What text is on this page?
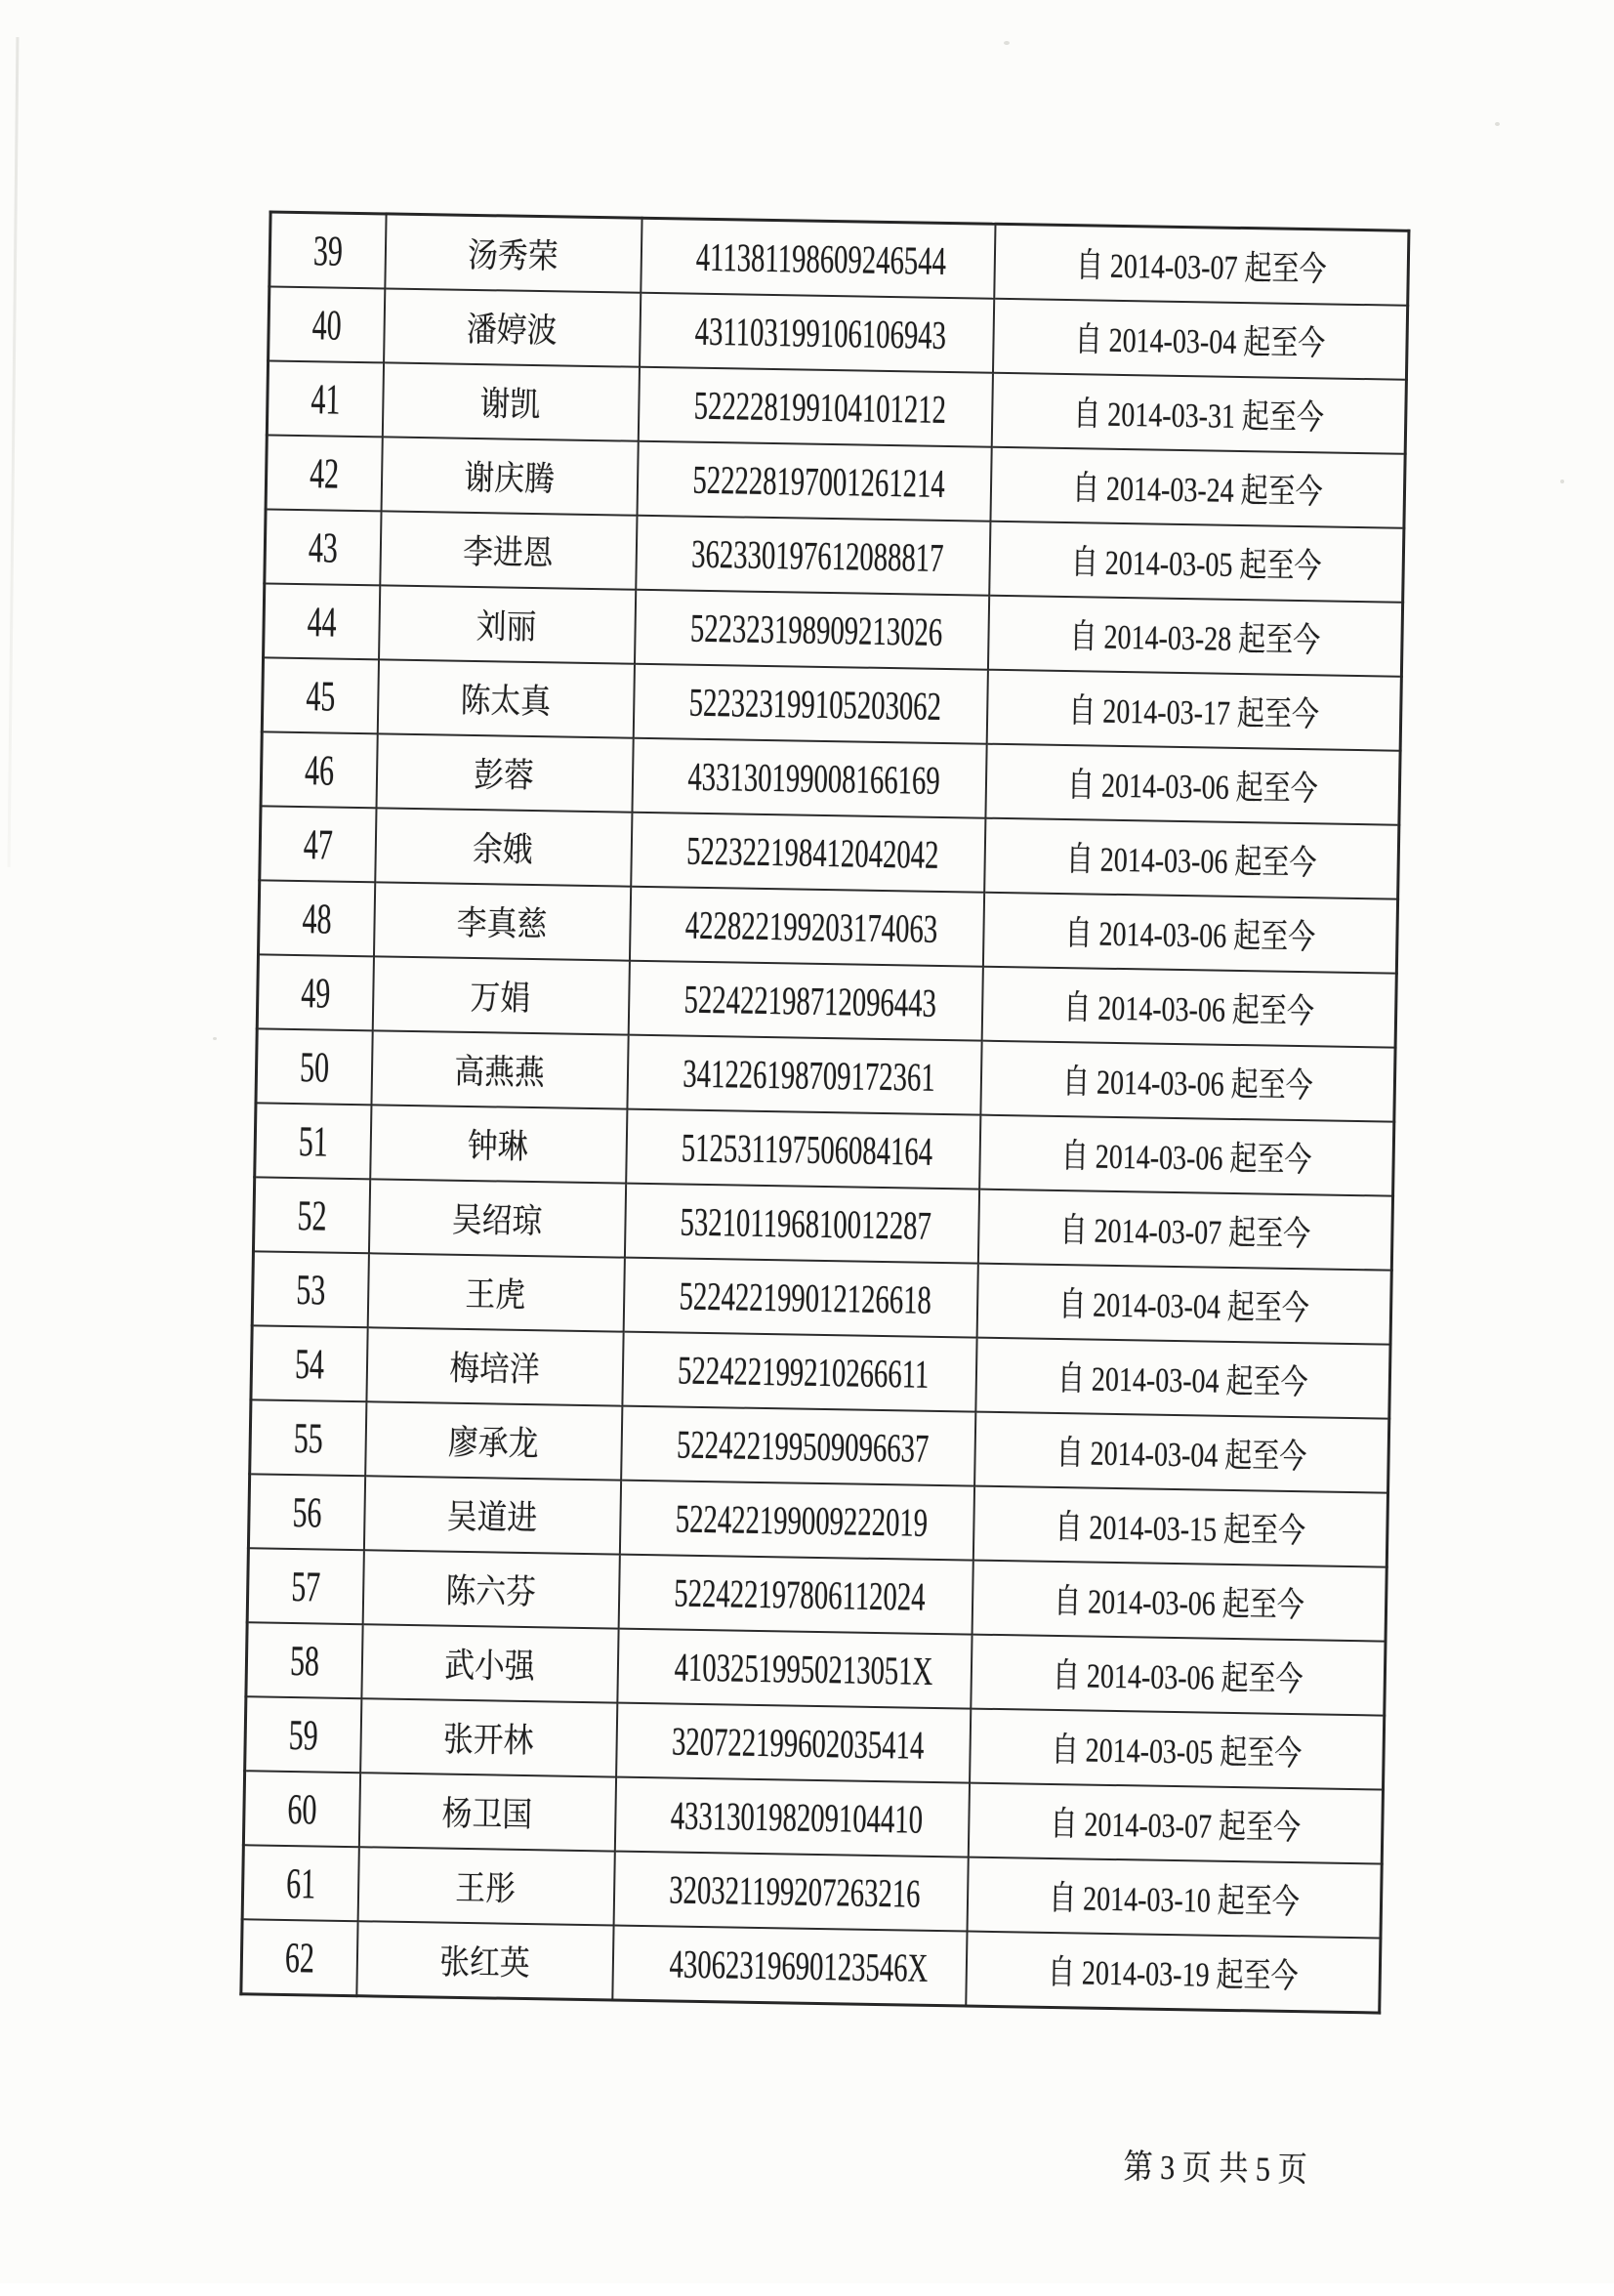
39	汤秀荣	411381198609246544	自 2014-03-07 起至今
40	潘婷波	431103199106106943	自 2014-03-04 起至今
41	谢凯	522228199104101212	自 2014-03-31 起至今
42	谢庆腾	522228197001261214	自 2014-03-24 起至今
43	李进恩	362330197612088817	自 2014-03-05 起至今
44	刘丽	522323198909213026	自 2014-03-28 起至今
45	陈太真	522323199105203062	自 2014-03-17 起至今
46	彭蓉	433130199008166169	自 2014-03-06 起至今
47	余娥	522322198412042042	自 2014-03-06 起至今
48	李真慈	422822199203174063	自 2014-03-06 起至今
49	万娟	522422198712096443	自 2014-03-06 起至今
50	高燕燕	341226198709172361	自 2014-03-06 起至今
51	钟琳	512531197506084164	自 2014-03-06 起至今
52	吴绍琼	532101196810012287	自 2014-03-07 起至今
53	王虎	522422199012126618	自 2014-03-04 起至今
54	梅培洋	522422199210266611	自 2014-03-04 起至今
55	廖承龙	522422199509096637	自 2014-03-04 起至今
56	吴道进	522422199009222019	自 2014-03-15 起至今
57	陈六芬	522422197806112024	自 2014-03-06 起至今
58	武小强	41032519950213051X	自 2014-03-06 起至今
59	张开林	320722199602035414	自 2014-03-05 起至今
60	杨卫国	433130198209104410	自 2014-03-07 起至今
61	王彤	320321199207263216	自 2014-03-10 起至今
62	张红英	43062319690123546X	自 2014-03-19 起至今
第 3 页 共 5 页
